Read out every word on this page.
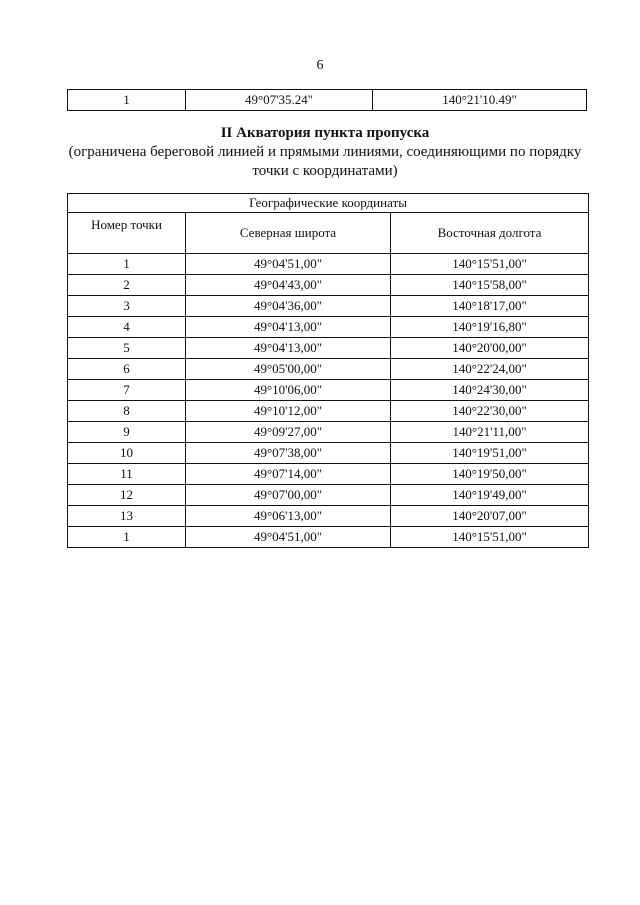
6
1	49°07'35.24"	140°21'10.49"
II Акватория пункта пропуска
(ограничена береговой линией и прямыми линиями, соединяющими по порядку
точки с координатами)
Географические координаты		
Номер точки	Северная широта	Восточная долгота
1	49°04'51,00"	140°15'51,00"
2	49°04'43,00"	140°15'58,00"
3	49°04'36,00"	140°18'17,00"
4	49°04'13,00"	140°19'16,80"
5	49°04'13,00"	140°20'00,00"
6	49°05'00,00"	140°22'24,00"
7	49°10'06,00"	140°24'30,00"
8	49°10'12,00"	140°22'30,00"
9	49°09'27,00"	140°21'11,00"
10	49°07'38,00"	140°19'51,00"
11	49°07'14,00"	140°19'50,00"
12	49°07'00,00"	140°19'49,00"
13	49°06'13,00"	140°20'07,00"
1	49°04'51,00"	140°15'51,00"
